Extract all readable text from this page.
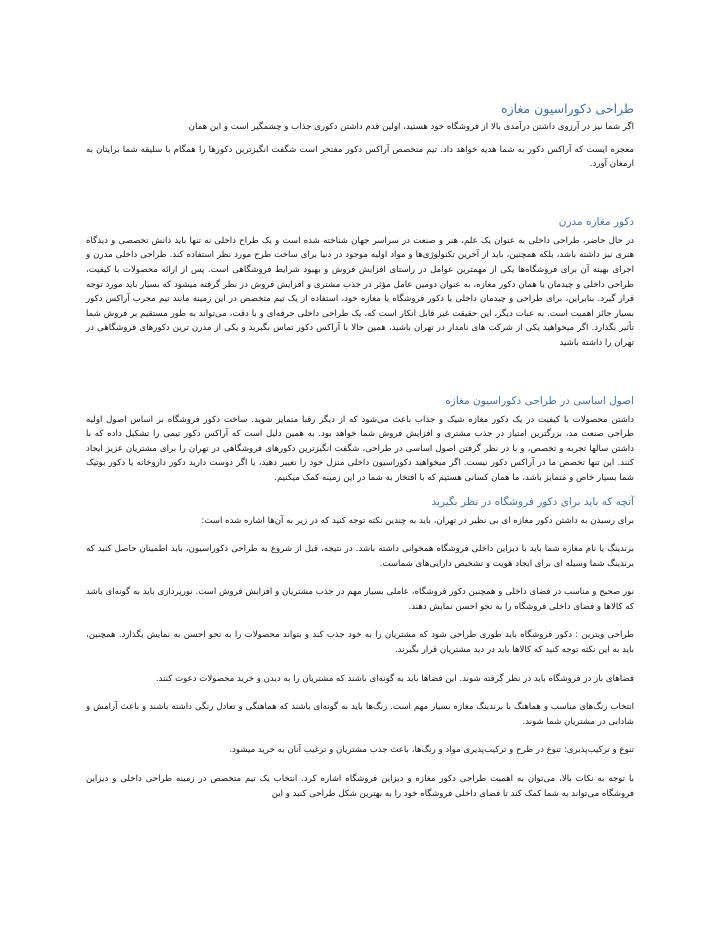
طراحی دکوراسیون مغازه

اگر شما نیز در آرزوی داشتن درآمدی بالا از فروشگاه خود هستید، اولین قدم داشتن دکوری جذاب و چشمگیر است و این همان

معجزه ایست که آراکس دکور به شما هدیه خواهد داد. تیم متخصص آراکس دکور مفتخر است شگفت انگیزترین دکورها را همگام با سلیقه شما برایتان به ارمغان آورد.

دکور مغازه مدرن

در حال حاضر، طراحی داخلی به عنوان یک علم، هنر و صنعت در سراسر جهان شناخته شده است و یک طراح داخلی نه تنها باید دانش تخصصی و دیدگاه هنری نیز داشته باشد، بلکه همچنین، باید از آخرین تکنولوژی‌ها و مواد اولیه موجود در دنیا برای ساخت طرح مورد نظر استفاده کند. طراحی داخلی مدرن و اجرای بهینه آن برای فروشگاه‌ها یکی از مهمترین عوامل در راستای افزایش فروش و بهبود شرایط فروشگاهی است. پس از ارائه محصولات با کیفیت، طراحی داخلی و چیدمان یا همان دکور مغازه، به عنوان دومین عامل مؤثر در جذب مشتری و افزایش فروش در نظر گرفته میشود که بسیار باید مورد توجه قرار گیرد. بنابراین، برای طراحی و چیدمان داخلی یا دکور فروشگاه یا مغازه خود، استفاده از یک تیم متخصص در این زمینه مانند تیم مجرب آراکس دکور بسیار حائز اهمیت است. به عبات دیگر، این حقیقت غیر قابل انکار است که، یک طراحی داخلی حرفه‌ای و با دقت، می‌تواند به طور مستقیم بر فروش شما تأثیر بگذارد. اگر میخواهید یکی از شرکت های نامدار در تهران باشید، همین حالا با آراکس دکور تماس بگیرید و یکی از مدرن ترین دکورهای فروشگاهی در تهران را داشته باشید

اصول اساسی در طراحی دکوراسیون مغازه

داشتن محصولات با کیفیت در یک دکور مغازه شیک و جذاب باعث می‌شود که از دیگر رقبا متمایز شوید. ساخت دکور فروشگاه بر اساس اصول اولیه طراحی صنعت مد، بزرگترین امتیاز در جذب مشتری و افزایش فروش شما خواهد بود. به همین دلیل است که آراکس دکور تیمی را تشکیل داده که با داشتن سالها تجربه و تخصص، و با در نظر گرفتن اصول اساسی در طراحی، شگفت انگیزترین دکورهای فروشگاهی در تهران را برای مشتریان عزیز ایجاد کنند. این تنها تخصص ما در آراکس دکور نیست. اگر میخواهید دکوراسیون داخلی منزل خود را تغییر دهید، یا اگر دوست دارید دکور داروخانه یا دکور بوتیک شما بسیار خاص و متمایز باشد، ما همان کسانی هستیم که با افتخار به شما در این زمینه کمک میکنیم.

آنچه که باید برای دکور فروشگاه در نظر بگیرید

برای رسیدن به داشتن دکور مغازه ای بی نظیر در تهران، باید به چندین نکته توجه کنید که در زیر به آن‌ها اشاره شده است:

برندینگ یا نام مغازه شما باید با دیزاین داخلی فروشگاه همخوانی داشته باشد. در نتیجه، قبل از شروع به طراحی دکوراسیون، باید اطمینان حاصل کنید که برندینگ شما وسیله ای برای ایجاد هویت و تشخیص دارایی‌های شماست.

نور صحیح و مناسب در فضای داخلی و همچنین دکور فروشگاه، عاملی بسیار مهم در جذب مشتریان و افزایش فروش است. نورپردازی باید به گونه‌ای باشد که کالاها و فضای داخلی فروشگاه را به نحو احسن نمایش دهند.

طراحی ویترین : دکور فروشگاه باید طوری طراحی شود که مشتریان را به خود جذب کند و بتواند محصولات را به نحو احسن به نمایش بگذارد. همچنین، باید به این نکته توجه کنید که کالاها باید در دید مشتریان قرار بگیرند.

فضاهای باز در فروشگاه باید در نظر گرفته شوند. این فضاها باید به گونه‌ای باشند که مشتریان را به دیدن و خرید محصولات دعوت کنند.

انتخاب رنگ‌های مناسب و هماهنگ با برندینگ مغازه بسیار مهم است. رنگ‌ها باید به گونه‌ای باشند که هماهنگی و تعادل رنگی داشته باشند و باعث آرامش و شادابی در مشتریان شما شوند.

تنوع و ترکیب‌پذیری: تنوع در طرح و ترکیب‌پذیری مواد و رنگ‌ها، باعث جذب مشتریان و ترغیب آنان به خرید میشود.

با توجه به نکات بالا، می‌توان به اهمیت طراحی دکور مغازه و دیزاین فروشگاه اشاره کرد. انتخاب یک تیم متخصص در زمینه طراحی داخلی و دیزاین فروشگاه می‌تواند به شما کمک کند تا فضای داخلی فروشگاه خود را به بهترین شکل طراحی کنید و این
